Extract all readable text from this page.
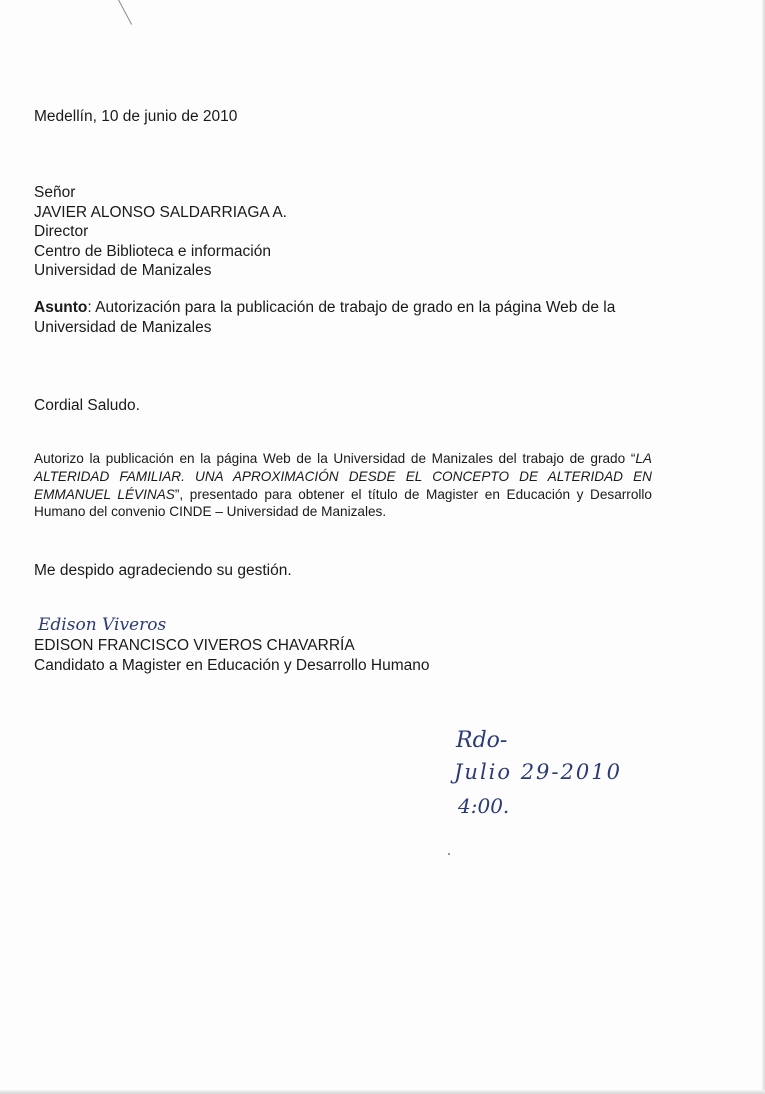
Medellín, 10 de junio de 2010
Señor
JAVIER ALONSO SALDARRIAGA A.
Director
Centro de Biblioteca e información
Universidad de Manizales
Asunto: Autorización para la publicación de trabajo de grado en la página Web de la Universidad de Manizales
Cordial Saludo.
Autorizo la publicación en la página Web de la Universidad de Manizales del trabajo de grado “LA ALTERIDAD FAMILIAR. UNA APROXIMACIÓN DESDE EL CONCEPTO DE ALTERIDAD EN EMMANUEL LÉVINAS”, presentado para obtener el título de Magister en Educación y Desarrollo Humano del convenio CINDE – Universidad de Manizales.
Me despido agradeciendo su gestión.
Edison Viveros
EDISON FRANCISCO VIVEROS CHAVARRÍA
Candidato a Magister en Educación y Desarrollo Humano
Rdo-
Julio 29-2010
4:00.
